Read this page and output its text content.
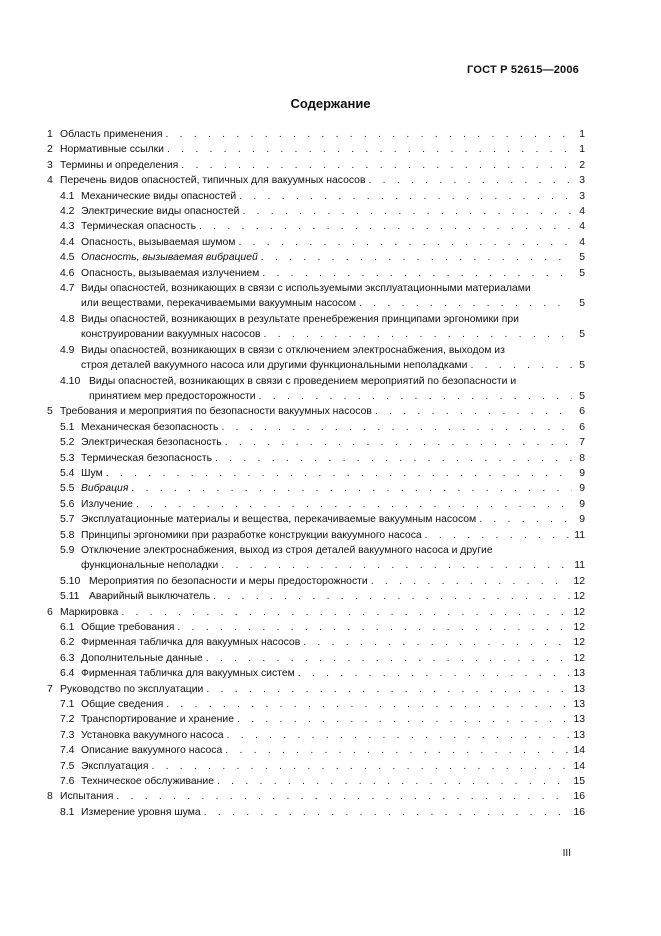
ГОСТ Р 52615—2006
Содержание
1 Область применения . . .	1
2 Нормативные ссылки . . .	1
3 Термины и определения . . .	2
4 Перечень видов опасностей, типичных для вакуумных насосов . . .	3
4.1 Механические виды опасностей . . .	3
4.2 Электрические виды опасностей . . .	4
4.3 Термическая опасность . . .	4
4.4 Опасность, вызываемая шумом . . .	4
4.5 Опасность, вызываемая вибрацией . . .	5
4.6 Опасность, вызываемая излучением . . .	5
4.7 Виды опасностей, возникающих в связи с используемыми эксплуатационными материалами
или веществами, перекачиваемыми вакуумным насосом . . .	5
4.8 Виды опасностей, возникающих в результате пренебрежения принципами эргономики при
конструировании вакуумных насосов . . .	5
4.9 Виды опасностей, возникающих в связи с отключением электроснабжения, выходом из
строя деталей вакуумного насоса или другими функциональными неполадками . . .	5
4.10 Виды опасностей, возникающих в связи с проведением мероприятий по безопасности и
принятием мер предосторожности . . .	5
5 Требования и мероприятия по безопасности вакуумных насосов . . .	6
5.1 Механическая безопасность . . .	6
5.2 Электрическая безопасность . . .	7
5.3 Термическая безопасность . . .	8
5.4 Шум . . .	9
5.5 Вибрация . . .	9
5.6 Излучение . . .	9
5.7 Эксплуатационные материалы и вещества, перекачиваемые вакуумным насосом . . .	9
5.8 Принципы эргономики при разработке конструкции вакуумного насоса . . .	11
5.9 Отключение электроснабжения, выход из строя деталей вакуумного насоса и другие
функциональные неполадки . . .	11
5.10 Мероприятия по безопасности и меры предосторожности . . .	12
5.11 Аварийный выключатель . . .	12
6 Маркировка . . .	12
6.1 Общие требования . . .	12
6.2 Фирменная табличка для вакуумных насосов . . .	12
6.3 Дополнительные данные . . .	12
6.4 Фирменная табличка для вакуумных систем . . .	13
7 Руководство по эксплуатации . . .	13
7.1 Общие сведения . . .	13
7.2 Транспортирование и хранение . . .	13
7.3 Установка вакуумного насоса . . .	13
7.4 Описание вакуумного насоса . . .	14
7.5 Эксплуатация . . .	14
7.6 Техническое обслуживание . . .	15
8 Испытания . . .	16
8.1 Измерение уровня шума . . .	16
III
